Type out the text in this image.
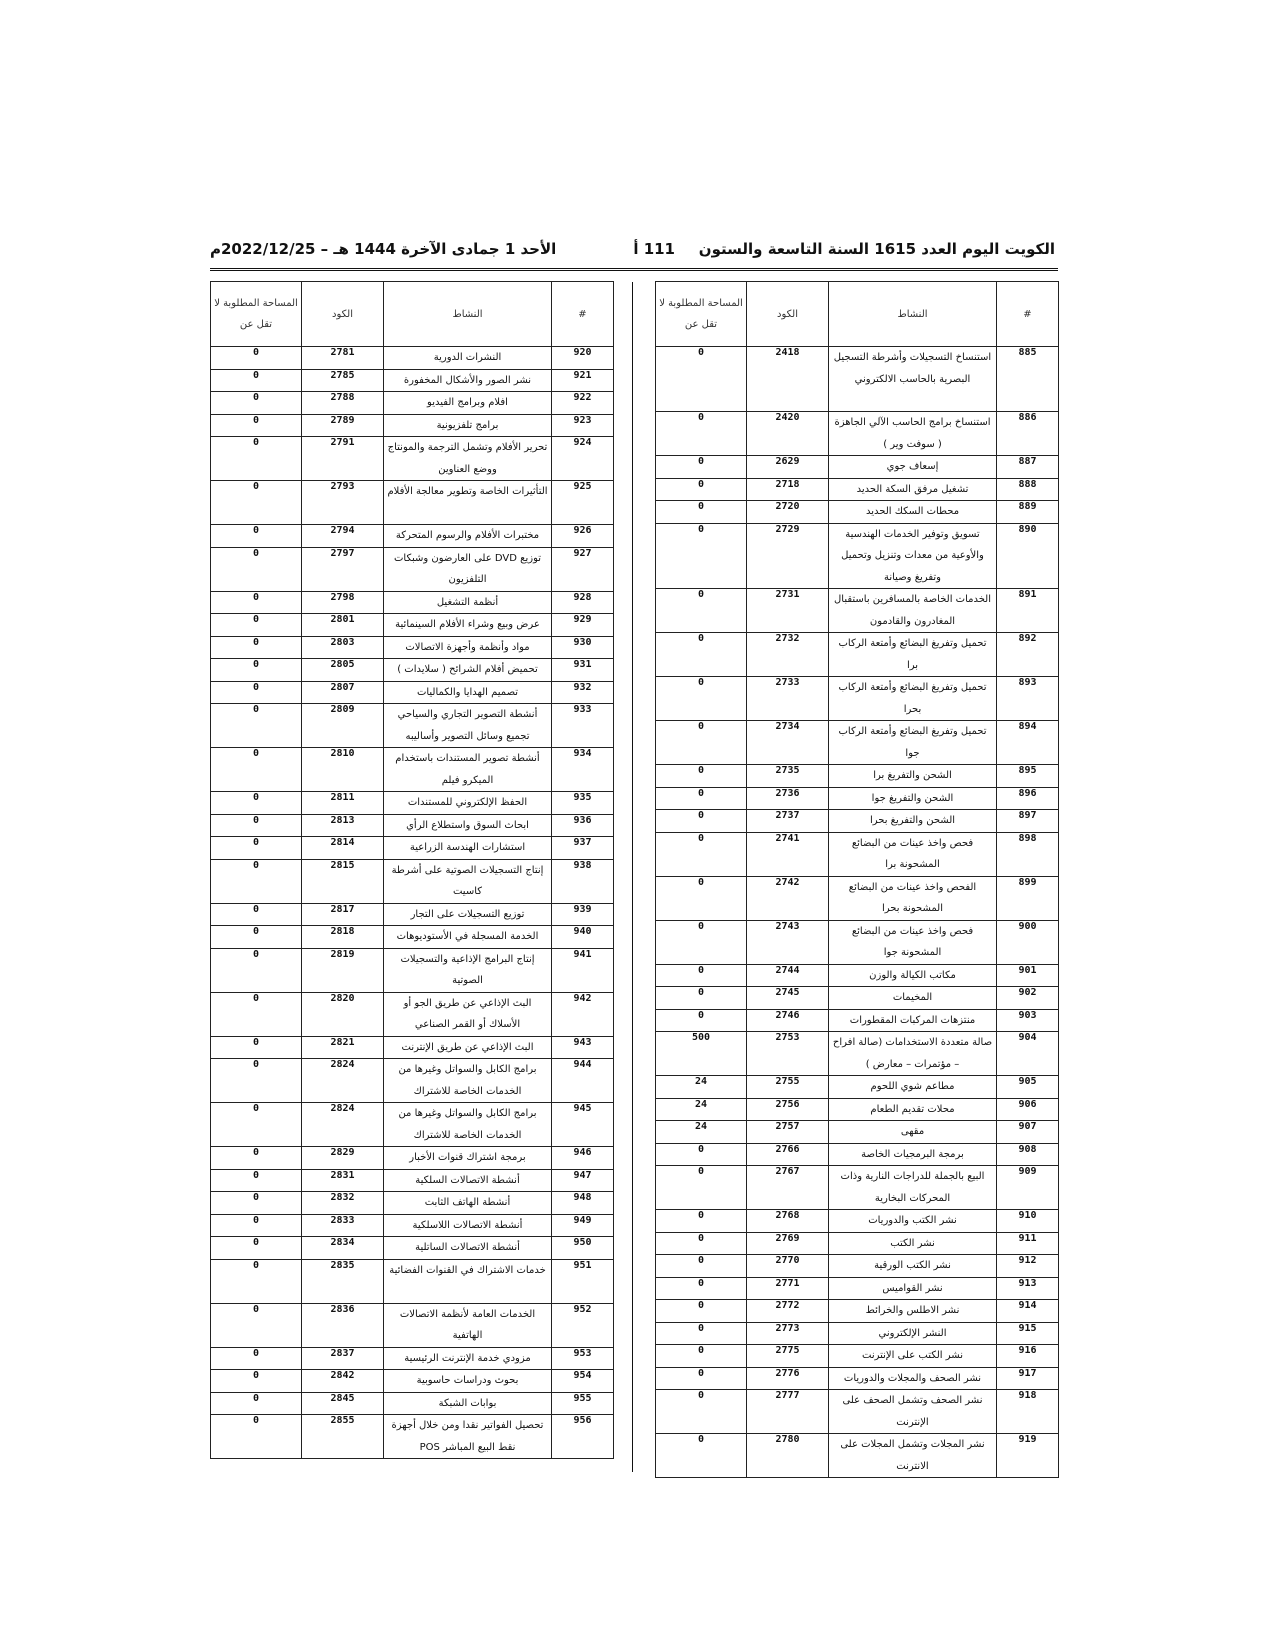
الكويت اليوم العدد 1615 السنة التاسعة والستون
111 أ
الأحد 1 جمادى الآخرة 1444 هـ – 2022/12/25م
#	النشاط	الكود	المساحة المطلوبة لا تقل عن
885	استنساخ التسجيلات وأشرطة التسجيل البصرية بالحاسب الالكتروني	2418	0
886	استنساخ برامج الحاسب الآلي الجاهزة ( سوفت وير )	2420	0
887	إسعاف جوي	2629	0
888	تشغيل مرفق السكة الحديد	2718	0
889	محطات السكك الحديد	2720	0
890	تسويق وتوفير الخدمات الهندسية والأوعية من معدات وتنزيل وتحميل وتفريغ وصيانة	2729	0
891	الخدمات الخاصة بالمسافرين باستقبال المغادرون والقادمون	2731	0
892	تحميل وتفريغ البضائع وأمتعة الركاب برا	2732	0
893	تحميل وتفريغ البضائع وأمتعة الركاب بحرا	2733	0
894	تحميل وتفريغ البضائع وأمتعة الركاب جوا	2734	0
895	الشحن والتفريغ برا	2735	0
896	الشحن والتفريغ جوا	2736	0
897	الشحن والتفريغ بحرا	2737	0
898	فحص واخذ عينات من البضائع المشحونة برا	2741	0
899	الفحص واخذ عينات من البضائع المشحونة بحرا	2742	0
900	فحص واخذ عينات من البضائع المشحونة جوا	2743	0
901	مكاتب الكيالة والوزن	2744	0
902	المخيمات	2745	0
903	منتزهات المركبات المقطورات	2746	0
904	صالة متعددة الاستخدامات (صالة افراح – مؤتمرات – معارض )	2753	500
905	مطاعم شوي اللحوم	2755	24
906	محلات تقديم الطعام	2756	24
907	مقهى	2757	24
908	برمجة البرمجيات الخاصة	2766	0
909	البيع بالجملة للدراجات النارية وذات المحركات البخارية	2767	0
910	نشر الكتب والدوريات	2768	0
911	نشر الكتب	2769	0
912	نشر الكتب الورقية	2770	0
913	نشر القواميس	2771	0
914	نشر الاطلس والخرائط	2772	0
915	النشر الإلكتروني	2773	0
916	نشر الكتب على الإنترنت	2775	0
917	نشر الصحف والمجلات والدوريات	2776	0
918	نشر الصحف وتشمل الصحف على الإنترنت	2777	0
919	نشر المجلات وتشمل المجلات على الانترنت	2780	0
#	النشاط	الكود	المساحة المطلوبة لا تقل عن
920	النشرات الدورية	2781	0
921	نشر الصور والأشكال المخفورة	2785	0
922	افلام وبرامج الفيديو	2788	0
923	برامج تلفزيونية	2789	0
924	تحرير الأفلام وتشمل الترجمة والمونتاج ووضع العناوين	2791	0
925	التأثيرات الخاصة وتطوير معالجة الأفلام	2793	0
926	مختبرات الأفلام والرسوم المتحركة	2794	0
927	توزيع DVD على العارضون وشبكات التلفزيون	2797	0
928	أنظمة التشغيل	2798	0
929	عرض وبيع وشراء الأفلام السينمائية	2801	0
930	مواد وأنظمة وأجهزة الاتصالات	2803	0
931	تحميض أفلام الشرائح ( سلايدات )	2805	0
932	تصميم الهدايا والكماليات	2807	0
933	أنشطة التصوير التجاري والسياحي تجميع وسائل التصوير وأساليبه	2809	0
934	أنشطة تصوير المستندات باستخدام الميكرو فيلم	2810	0
935	الحفظ الإلكتروني للمستندات	2811	0
936	ابحاث السوق واستطلاع الرأي	2813	0
937	استشارات الهندسة الزراعية	2814	0
938	إنتاج التسجيلات الصوتية على أشرطة كاسيت	2815	0
939	توزيع التسجيلات على التجار	2817	0
940	الخدمة المسجلة في الأستوديوهات	2818	0
941	إنتاج البرامج الإذاعية والتسجيلات الصوتية	2819	0
942	البث الإذاعي عن طريق الجو أو الأسلاك أو القمر الصناعي	2820	0
943	البث الإذاعي عن طريق الإنترنت	2821	0
944	برامج الكابل والسواتل وغيرها من الخدمات الخاصة للاشتراك	2824	0
945	برامج الكابل والسواتل وغيرها من الخدمات الخاصة للاشتراك	2824	0
946	برمجة اشتراك قنوات الأخبار	2829	0
947	أنشطة الاتصالات السلكية	2831	0
948	أنشطة الهاتف الثابت	2832	0
949	أنشطة الاتصالات اللاسلكية	2833	0
950	أنشطة الاتصالات الساتلية	2834	0
951	خدمات الاشتراك في القنوات الفضائية	2835	0
952	الخدمات العامة لأنظمة الاتصالات الهاتفية	2836	0
953	مزودي خدمة الإنترنت الرئيسية	2837	0
954	بحوث ودراسات حاسوبية	2842	0
955	بوابات الشبكة	2845	0
956	تحصيل الفواتير نقدا ومن خلال أجهزة نقط البيع المباشر POS	2855	0
